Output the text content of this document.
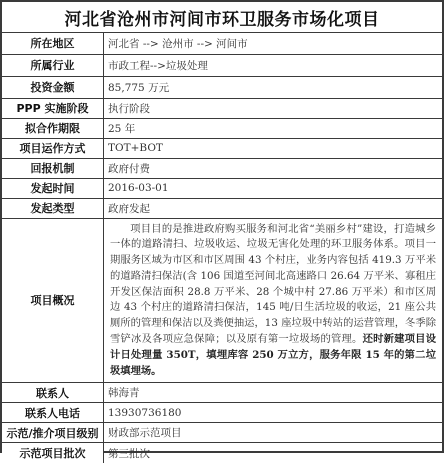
河北省沧州市河间市环卫服务市场化项目
所在地区	河北省 --> 沧州市 --> 河间市
所属行业	市政工程-->垃圾处理
投资金额	85,775 万元
PPP 实施阶段	执行阶段
拟合作期限	25 年
项目运作方式	TOT+BOT
回报机制	政府付费
发起时间	2016-03-01
发起类型	政府发起
项目概况	项目目的是推进政府购买服务和河北省“美丽乡村”建设，打造城乡一体的道路清扫、垃圾收运、垃圾无害化处理的环卫服务体系。项目一期服务区域为市区和市区周围 43 个村庄，业务内容包括 419.3 万平米的道路清扫保洁(含 106 国道至河间北高速路口 26.64 万平米、寡租庄开发区保洁面积 28.8 万平米、28 个城中村 27.86 万平米）和市区周边 43 个村庄的道路清扫保洁，145 吨/日生活垃圾的收运，21 座公共厕所的管理和保洁以及粪便抽运，13 座垃圾中转站的运营管理，冬季除雪铲冰及各项应急保障；以及原有第一垃圾场的管理。还时新建项目设计日处理量 350T，填埋库容 250 万立方，服务年限 15 年的第二垃圾填埋场。
联系人	韩海青
联系人电话	13930736180
示范/推介项目级别	财政部示范项目
示范项目批次	第三批次
